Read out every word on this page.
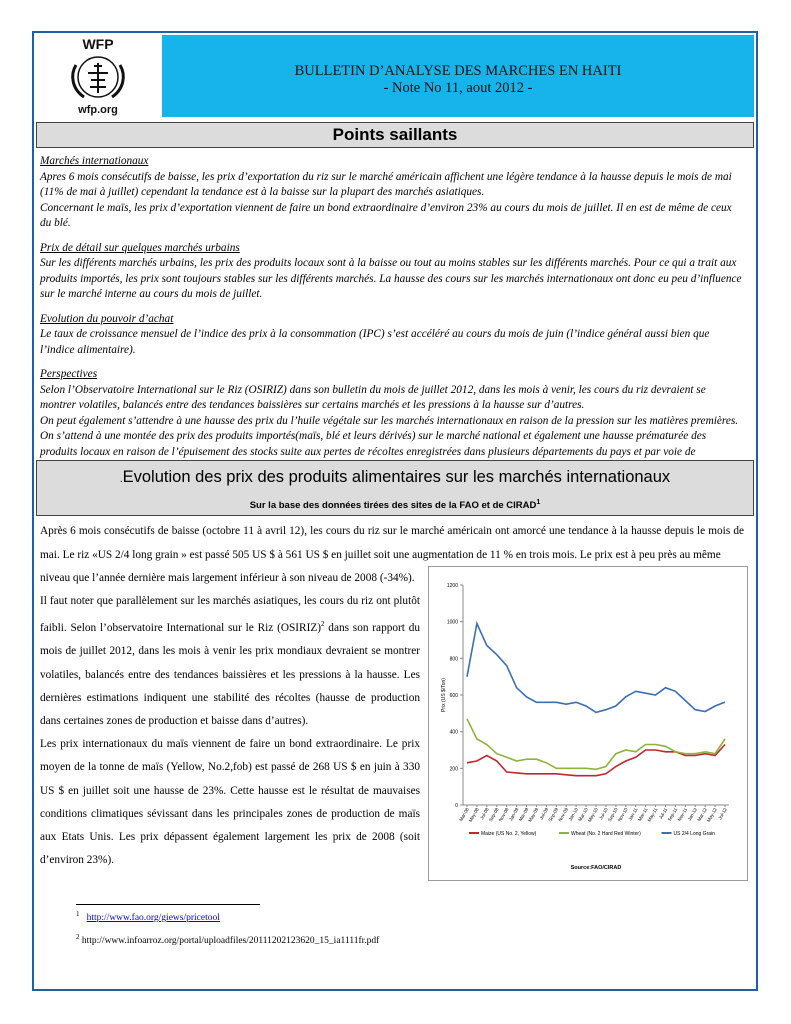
WFP
wfp.org
BULLETIN D’ANALYSE DES MARCHES EN HAITI
- Note No 11, aout 2012 -
Points saillants

Marchés internationaux

Apres 6 mois consécutifs de baisse, les prix d’exportation du riz sur le marché américain affichent une légère tendance à la hausse depuis le mois de mai (11% de mai à juillet) cependant la tendance est à la baisse sur la plupart des marchés asiatiques.

Concernant le maïs, les prix d’exportation viennent de faire un bond extraordinaire d’environ 23% au cours du mois de juillet. Il en est de même de ceux du blé.

Prix de détail sur quelques marchés urbains

Sur les différents marchés urbains, les prix des produits locaux sont à la baisse ou tout au moins stables sur les différents marchés. Pour ce qui a trait aux produits importés, les prix sont toujours stables sur les différents marchés. La hausse des cours sur les marchés internationaux ont donc eu peu d’influence sur le marché interne au cours du mois de juillet.

Evolution du pouvoir d’achat

Le taux de croissance mensuel de l’indice des prix à la consommation (IPC) s’est accéléré au cours du mois de juin (l’indice général aussi bien que l’indice alimentaire).

Perspectives

Selon l’Observatoire International sur le Riz (OSIRIZ) dans son bulletin du mois de juillet 2012, dans les mois à venir, les cours du riz devraient se montrer volatiles, balancés entre des tendances baissières sur certains marchés et les pressions à la hausse sur d’autres.

On peut également s’attendre à une hausse des prix du l’huile végétale sur les marchés internationaux en raison de la pression sur les matières premières.

On s’attend à une montée des prix des produits importés(maïs, blé et leurs dérivés) sur le marché national et également une hausse prématurée des produits locaux en raison de l’épuisement des stocks suite aux pertes de récoltes enregistrées dans plusieurs départements du pays et par voie de

.Evolution des prix des produits alimentaires sur les marchés internationaux
Sur la base des données tirées des sites de la FAO et de CIRAD$^1$
Après 6 mois consécutifs de baisse (octobre 11 à avril 12), les cours du riz sur le marché américain ont amorcé une tendance à la hausse depuis le mois de mai. Le riz «US 2/4 long grain » est passé 505 US $ à 561 US $ en juillet soit une augmentation de 11 % en trois mois. Le prix est à peu près au même

niveau que l’année dernière mais largement inférieur à son niveau de 2008 (-34%).

Il faut noter que parallèlement sur les marchés asiatiques, les cours du riz ont plutôt faibli. Selon l’observatoire International sur le Riz (OSIRIZ)$^2$ dans son rapport du mois de juillet 2012, dans les mois à venir les prix mondiaux devraient se montrer volatiles, balancés entre des tendances baissières et les pressions à la hausse. Les dernières estimations indiquent une stabilité des récoltes (hausse de production dans certaines zones de production et baisse dans d’autres).

Les prix internationaux du maïs viennent de faire un bond extraordinaire. Le prix moyen de la tonne de maïs (Yellow, No.2,fob) est passé de 268 US $ en juin à 330 US $ en juillet soit une hausse de 23%. Cette hausse est le résultat de mauvaises conditions climatiques sévissant dans les principales zones de production de maïs aux Etats Unis. Les prix dépassent également largement les prix de 2008 (soit d’environ 23%).

0
200
400
600
800
1000
1200
Prix (US $/Ton)
Mar-08
May-08 Jul-08
Sep-08
Nov-08
Jan-09
Mar-09
May-09 Jul-09
Sep-09
Nov-09
Jan-10
Mar-10
May-10 Jul-10
Sep-10
Nov-10
Jan-11
Mar-11
May-11 Jul-11
Sep-11
Nov-11
Jan-12
Mar-12
May-12 Jul-12
Maize (US No. 2, Yellow)	Wheat (No. 2 Hard Red Winter)	US 2/4 Long Grain
Source:FAO/CIRAD
$^1$ http://www.fao.org/giews/pricetool
$^2$ http://www.infoarroz.org/portal/uploadfiles/20111202123620_15_ia1111fr.pdf
